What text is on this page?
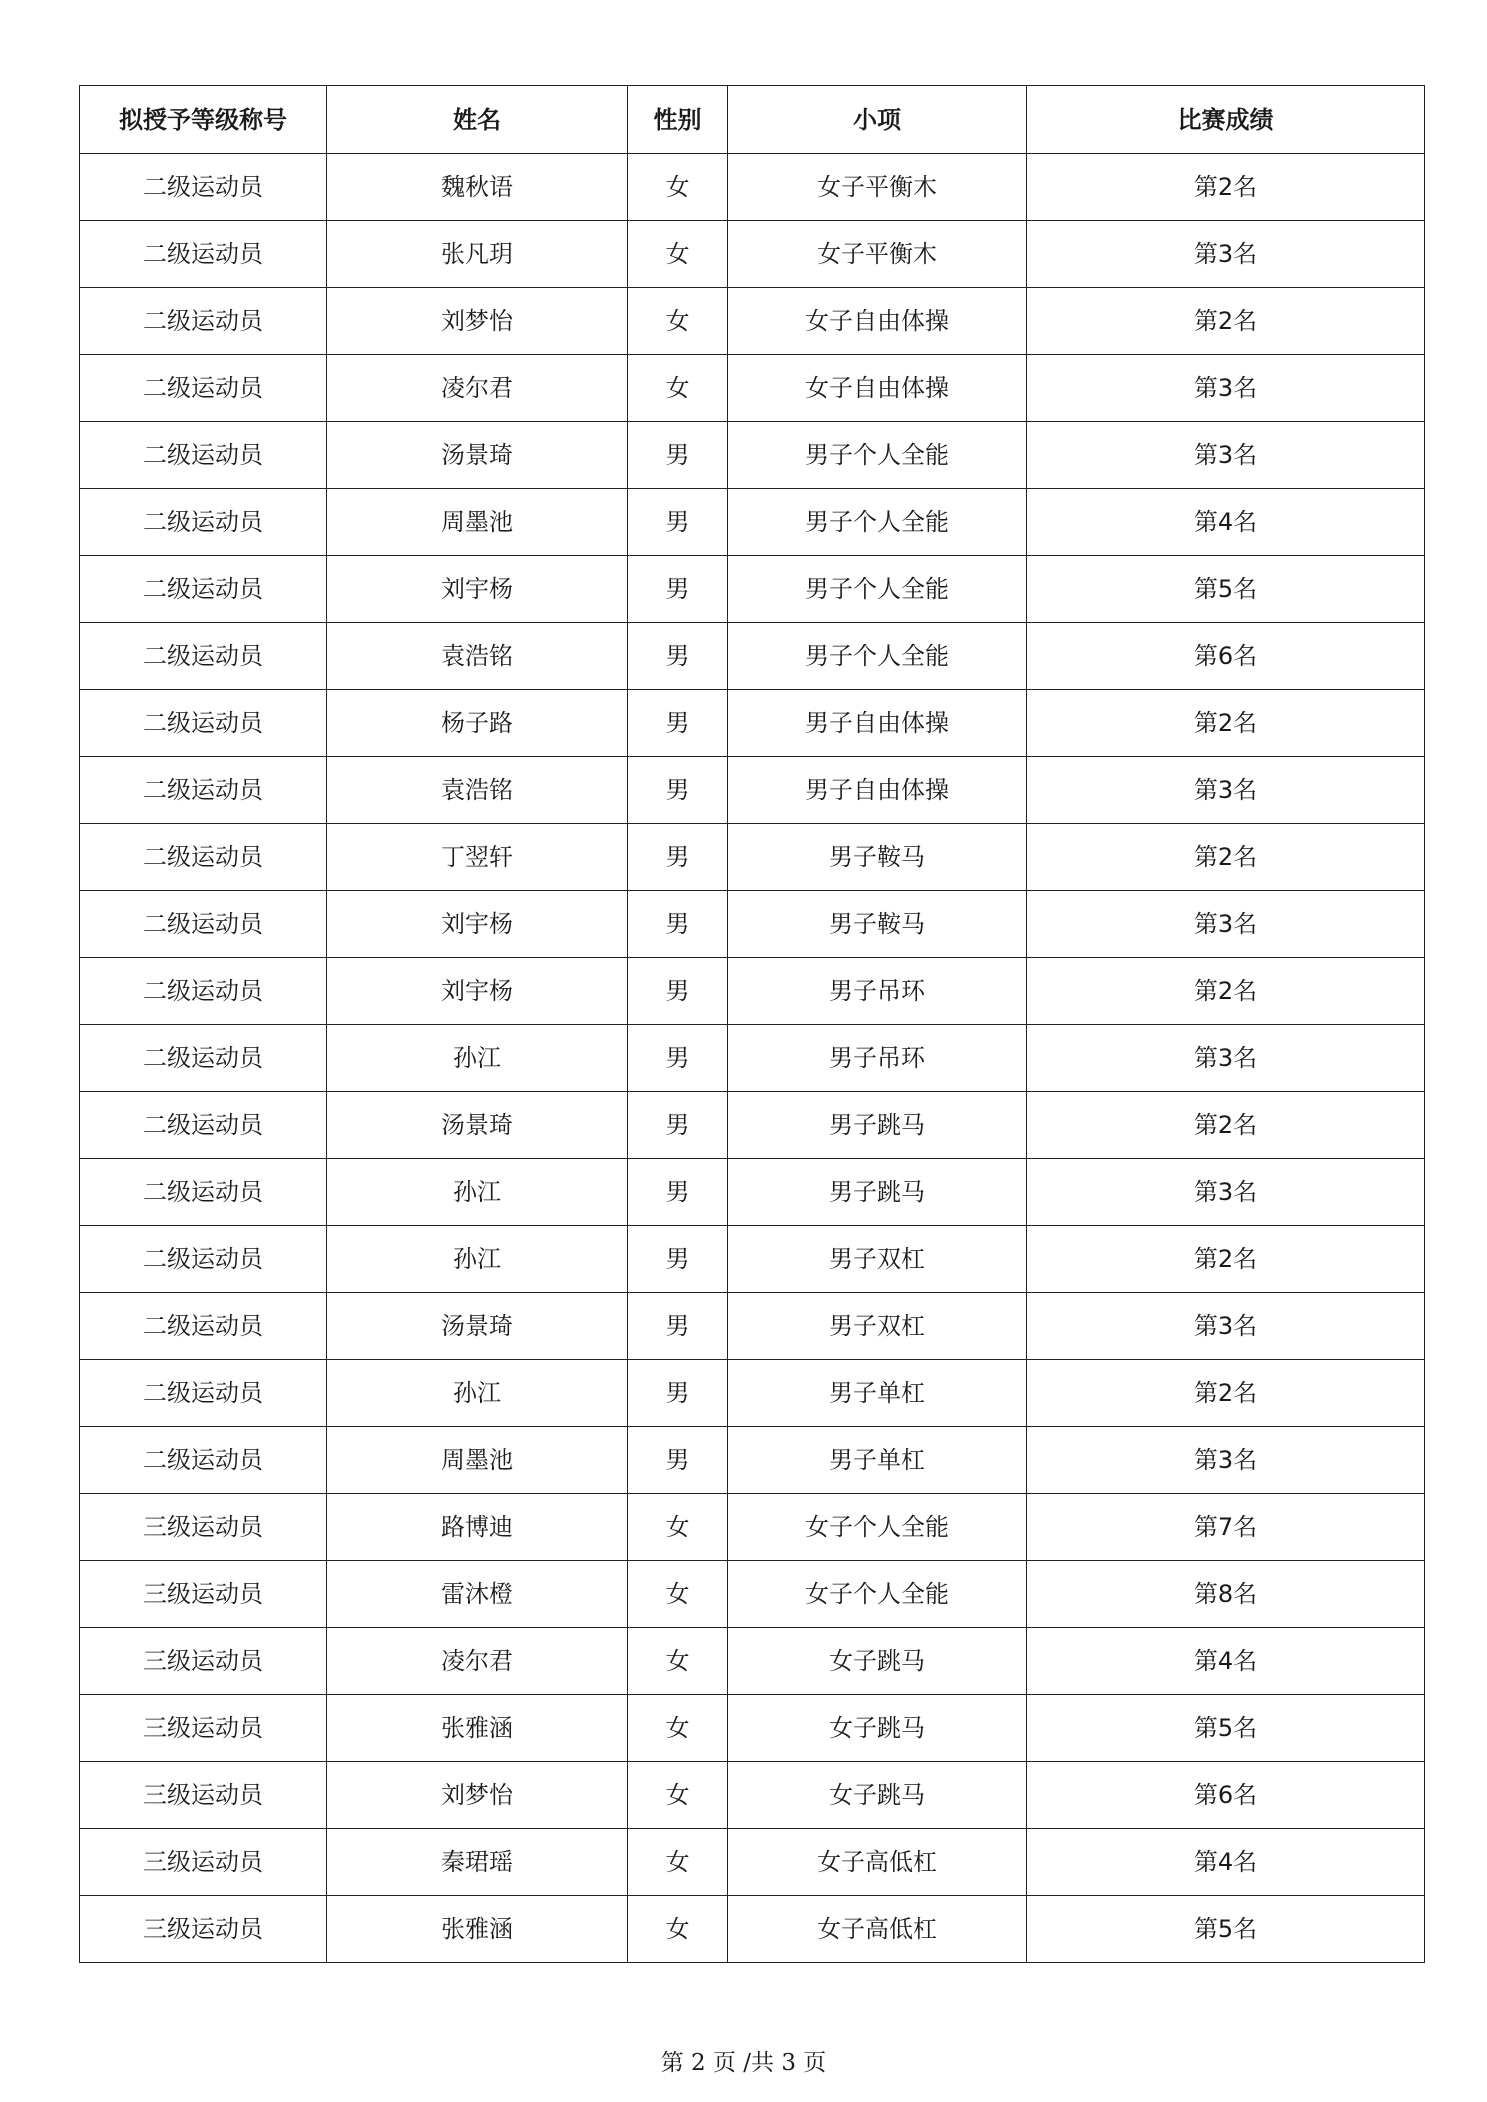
拟授予等级称号	姓名	性别	小项	比赛成绩
二级运动员	魏秋语	女	女子平衡木	第2名
二级运动员	张凡玥	女	女子平衡木	第3名
二级运动员	刘梦怡	女	女子自由体操	第2名
二级运动员	凌尔君	女	女子自由体操	第3名
二级运动员	汤景琦	男	男子个人全能	第3名
二级运动员	周墨池	男	男子个人全能	第4名
二级运动员	刘宇杨	男	男子个人全能	第5名
二级运动员	袁浩铭	男	男子个人全能	第6名
二级运动员	杨子路	男	男子自由体操	第2名
二级运动员	袁浩铭	男	男子自由体操	第3名
二级运动员	丁翌轩	男	男子鞍马	第2名
二级运动员	刘宇杨	男	男子鞍马	第3名
二级运动员	刘宇杨	男	男子吊环	第2名
二级运动员	孙江	男	男子吊环	第3名
二级运动员	汤景琦	男	男子跳马	第2名
二级运动员	孙江	男	男子跳马	第3名
二级运动员	孙江	男	男子双杠	第2名
二级运动员	汤景琦	男	男子双杠	第3名
二级运动员	孙江	男	男子单杠	第2名
二级运动员	周墨池	男	男子单杠	第3名
三级运动员	路博迪	女	女子个人全能	第7名
三级运动员	雷沐橙	女	女子个人全能	第8名
三级运动员	凌尔君	女	女子跳马	第4名
三级运动员	张雅涵	女	女子跳马	第5名
三级运动员	刘梦怡	女	女子跳马	第6名
三级运动员	秦珺瑶	女	女子高低杠	第4名
三级运动员	张雅涵	女	女子高低杠	第5名
第 2 页 /共 3 页
